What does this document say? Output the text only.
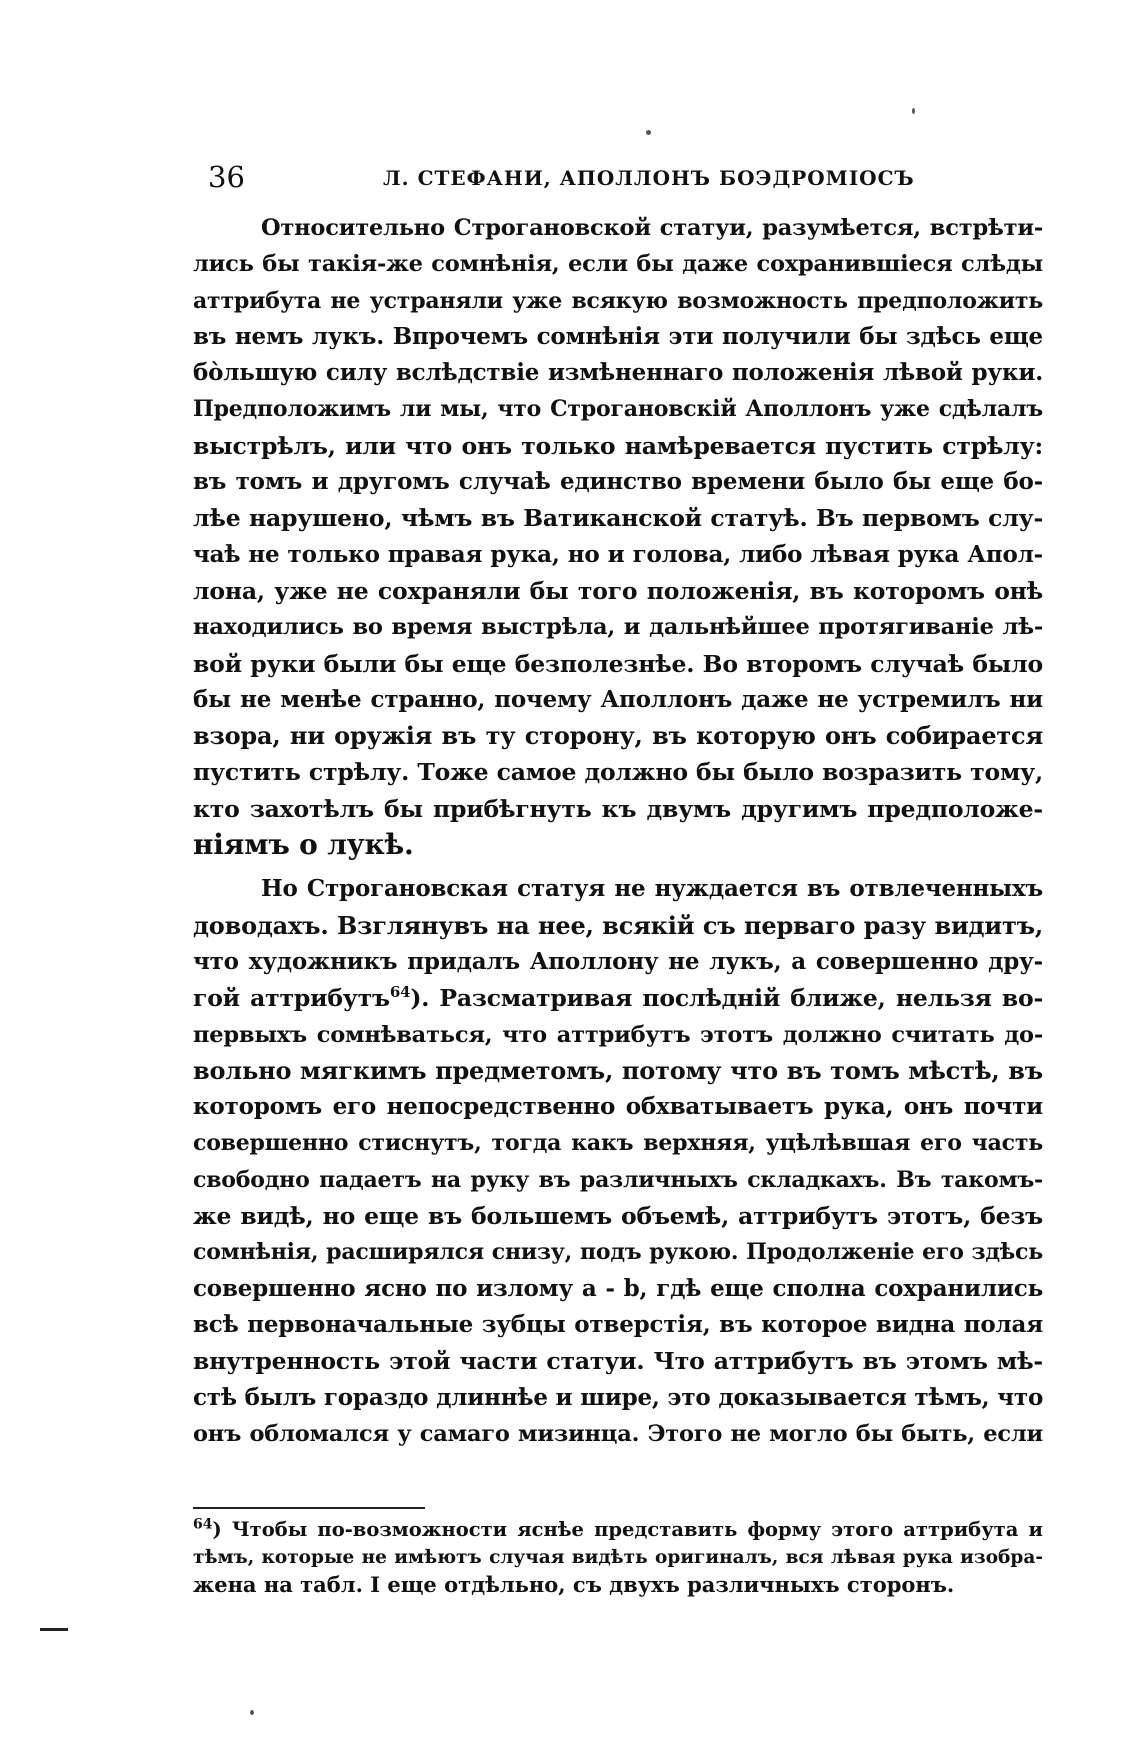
36	Л. СТЕФАНИ, АПОЛЛОНЪ БОЭДРОМІОСЪ

Относительно Строгановской статуи, разумѣется, встрѣти-
лись бы такія-же сомнѣнія, если бы даже сохранившіеся слѣды
аттрибута не устраняли уже всякую возможность предположить
въ немъ лукъ. Впрочемъ сомнѣнія эти получили бы здѣсь еще
бо̀льшую силу вслѣдствіе измѣненнаго положенія лѣвой руки.
Предположимъ ли мы, что Строгановскій Аполлонъ уже сдѣлалъ
выстрѣлъ, или что онъ только намѣревается пустить стрѣлу:
въ томъ и другомъ случаѣ единство времени было бы еще бо-
лѣе нарушено, чѣмъ въ Ватиканской статуѣ. Въ первомъ слу-
чаѣ не только правая рука, но и голова, либо лѣвая рука Апол-
лона, уже не сохраняли бы того положенія, въ которомъ онѣ
находились во время выстрѣла, и дальнѣйшее протягиваніе лѣ-
вой руки были бы еще безполезнѣе. Во второмъ случаѣ было
бы не менѣе странно, почему Аполлонъ даже не устремилъ ни
взора, ни оружія въ ту сторону, въ которую онъ собирается
пустить стрѣлу. Тоже самое должно бы было возразить тому,
кто захотѣлъ бы прибѣгнуть къ двумъ другимъ предположе-
ніямъ о лукѣ.

Но Строгановская статуя не нуждается въ отвлеченныхъ
доводахъ. Взглянувъ на нее, всякій съ перваго разу видитъ,
что художникъ придалъ Аполлону не лукъ, а совершенно дру-
гой аттрибутъ$^{64}$). Разсматривая послѣдній ближе, нельзя во-
первыхъ сомнѣваться, что аттрибутъ этотъ должно считать до-
вольно мягкимъ предметомъ, потому что въ томъ мѣстѣ, въ
которомъ его непосредственно обхватываетъ рука, онъ почти
совершенно стиснутъ, тогда какъ верхняя, уцѣлѣвшая его часть
свободно падаетъ на руку въ различныхъ складкахъ. Въ такомъ-
же видѣ, но еще въ большемъ объемѣ, аттрибутъ этотъ, безъ
сомнѣнія, расширялся снизу, подъ рукою. Продолженіе его здѣсь
совершенно ясно по излому a - b, гдѣ еще сполна сохранились
всѣ первоначальные зубцы отверстія, въ которое видна полая
внутренность этой части статуи. Что аттрибутъ въ этомъ мѣ-
стѣ былъ гораздо длиннѣе и шире, это доказывается тѣмъ, что
онъ обломался у самаго мизинца. Этого не могло бы быть, если

$^{64}$) Чтобы по-возможности яснѣе представить форму этого аттрибута и
тѣмъ, которые не имѣютъ случая видѣть оригиналъ, вся лѣвая рука изобра-
жена на табл. I еще отдѣльно, съ двухъ различныхъ сторонъ.
